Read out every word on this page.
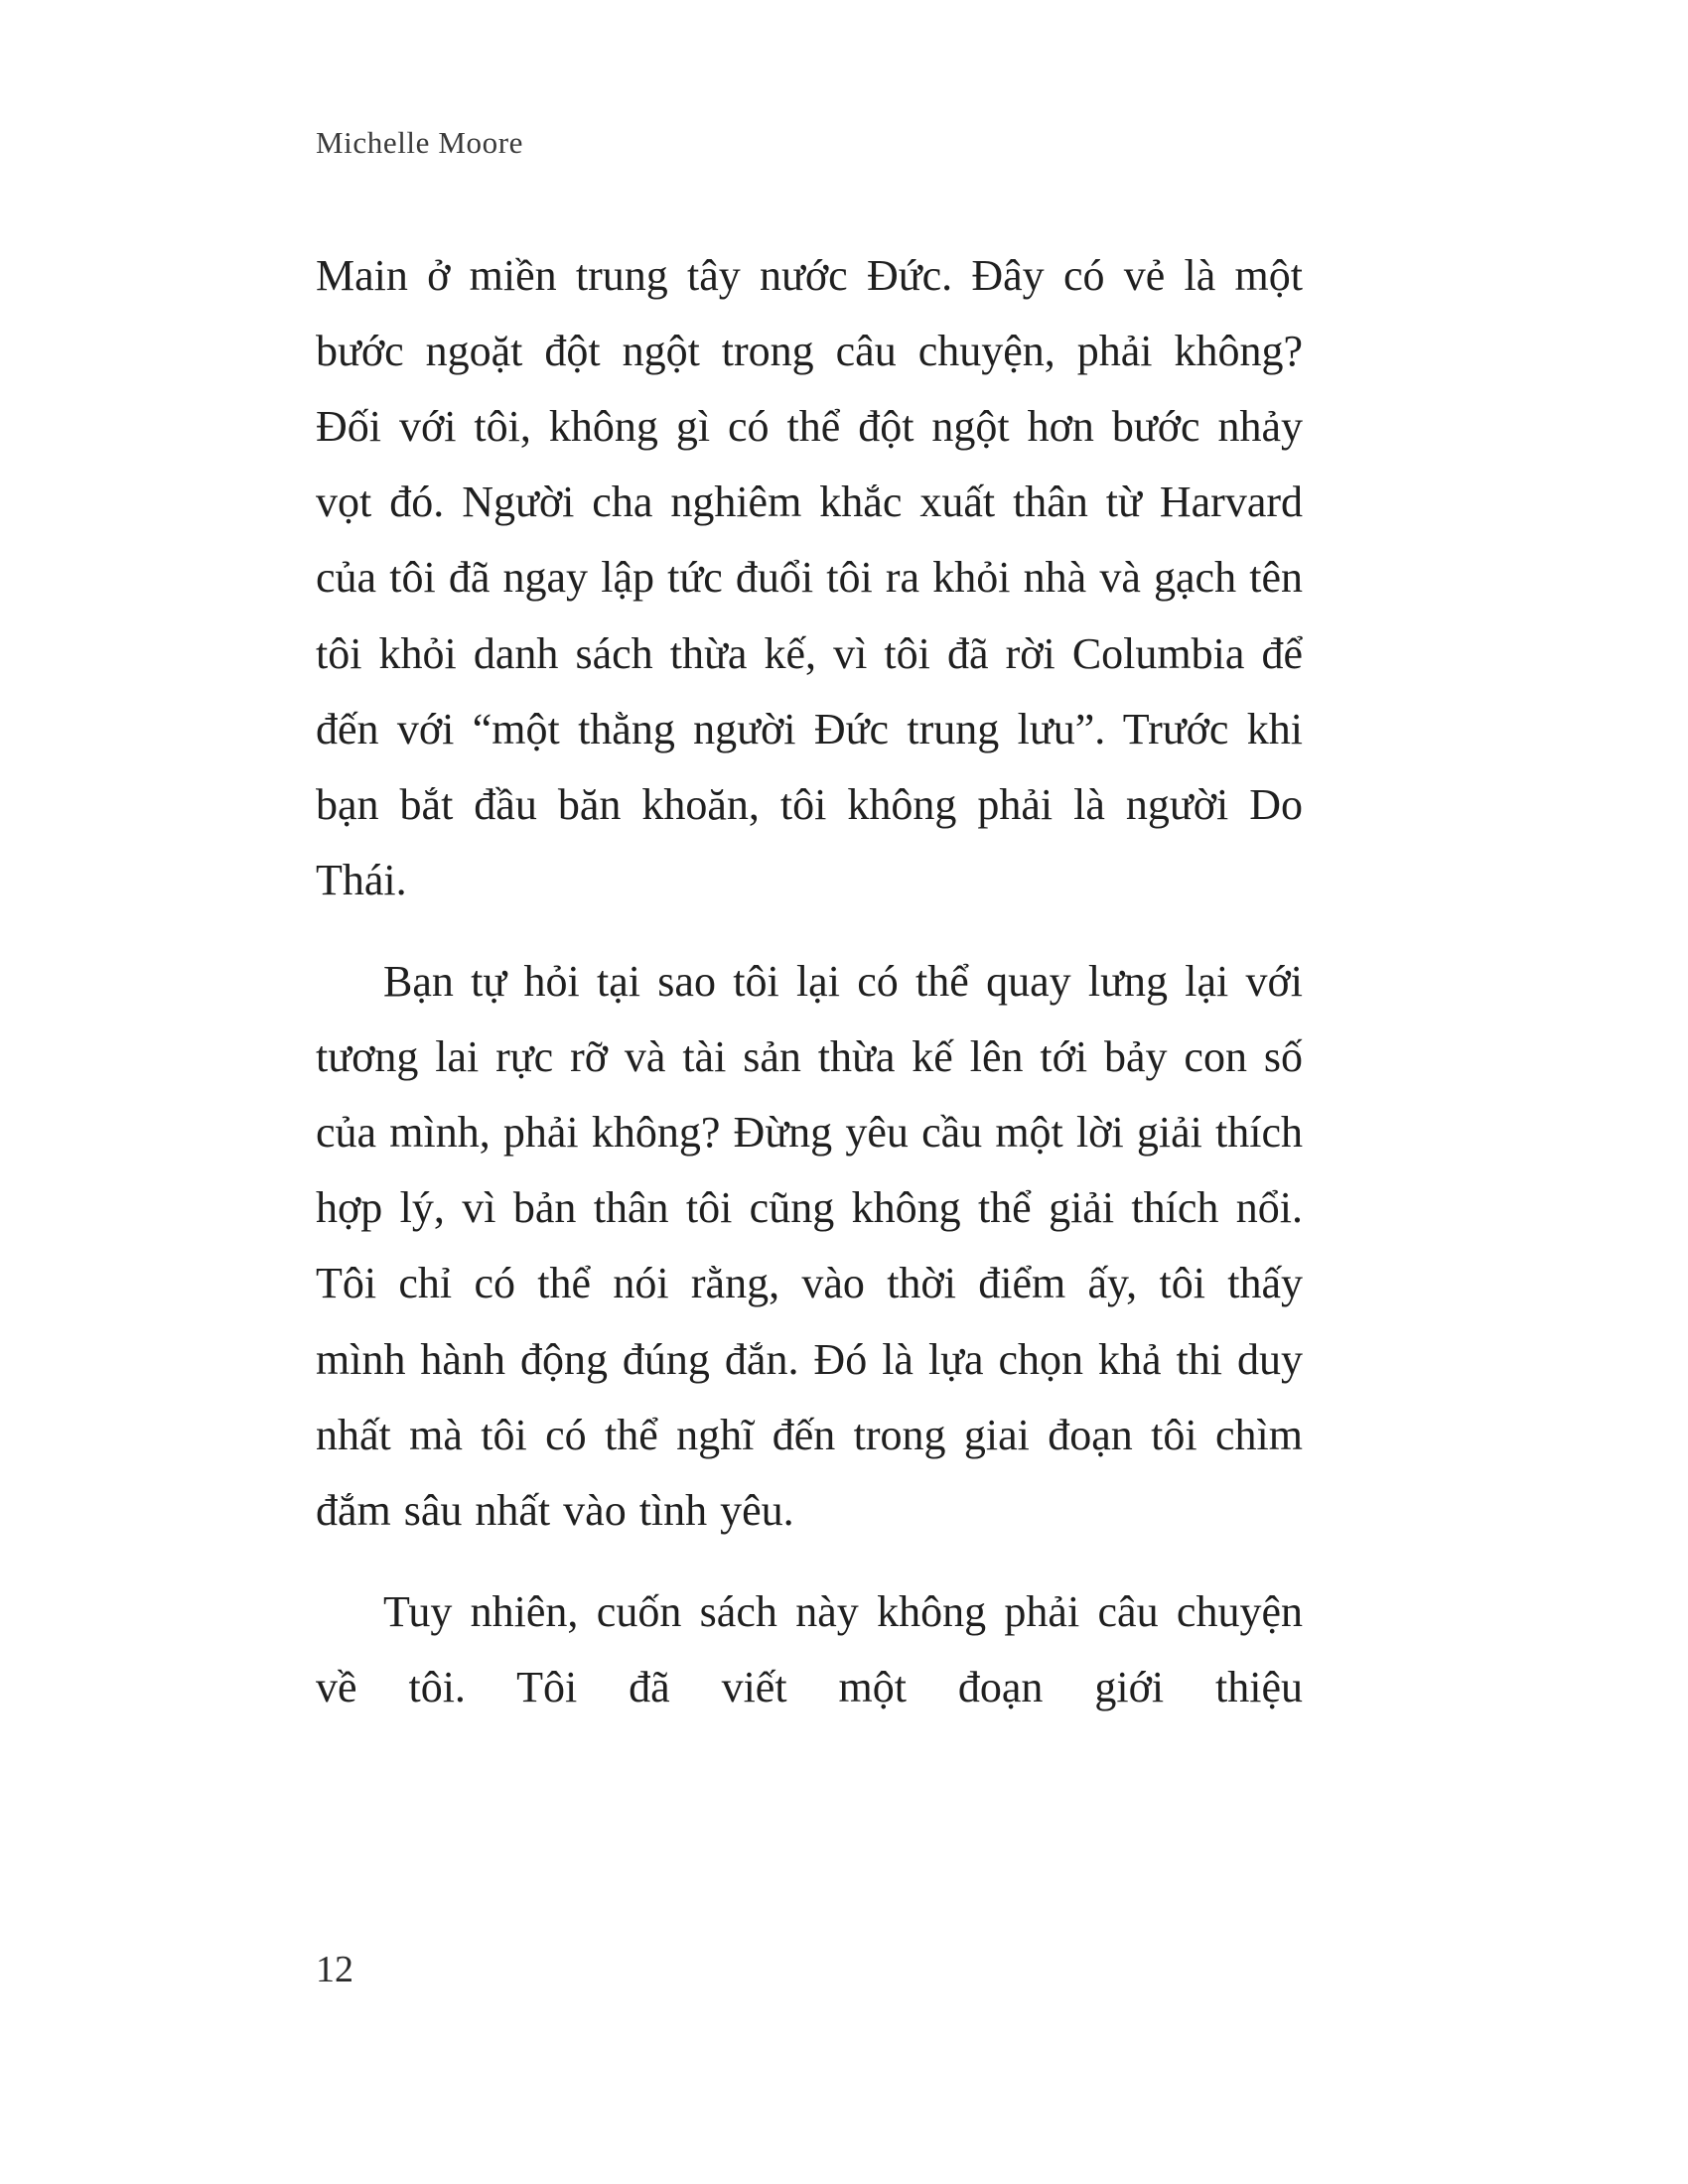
Michelle Moore

Main ở miền trung tây nước Đức. Đây có vẻ là một bước ngoặt đột ngột trong câu chuyện, phải không? Đối với tôi, không gì có thể đột ngột hơn bước nhảy vọt đó. Người cha nghiêm khắc xuất thân từ Harvard của tôi đã ngay lập tức đuổi tôi ra khỏi nhà và gạch tên tôi khỏi danh sách thừa kế, vì tôi đã rời Columbia để đến với “một thằng người Đức trung lưu”. Trước khi bạn bắt đầu băn khoăn, tôi không phải là người Do Thái.

Bạn tự hỏi tại sao tôi lại có thể quay lưng lại với tương lai rực rỡ và tài sản thừa kế lên tới bảy con số của mình, phải không? Đừng yêu cầu một lời giải thích hợp lý, vì bản thân tôi cũng không thể giải thích nổi. Tôi chỉ có thể nói rằng, vào thời điểm ấy, tôi thấy mình hành động đúng đắn. Đó là lựa chọn khả thi duy nhất mà tôi có thể nghĩ đến trong giai đoạn tôi chìm đắm sâu nhất vào tình yêu.

Tuy nhiên, cuốn sách này không phải câu chuyện về tôi. Tôi đã viết một đoạn giới thiệu

12
